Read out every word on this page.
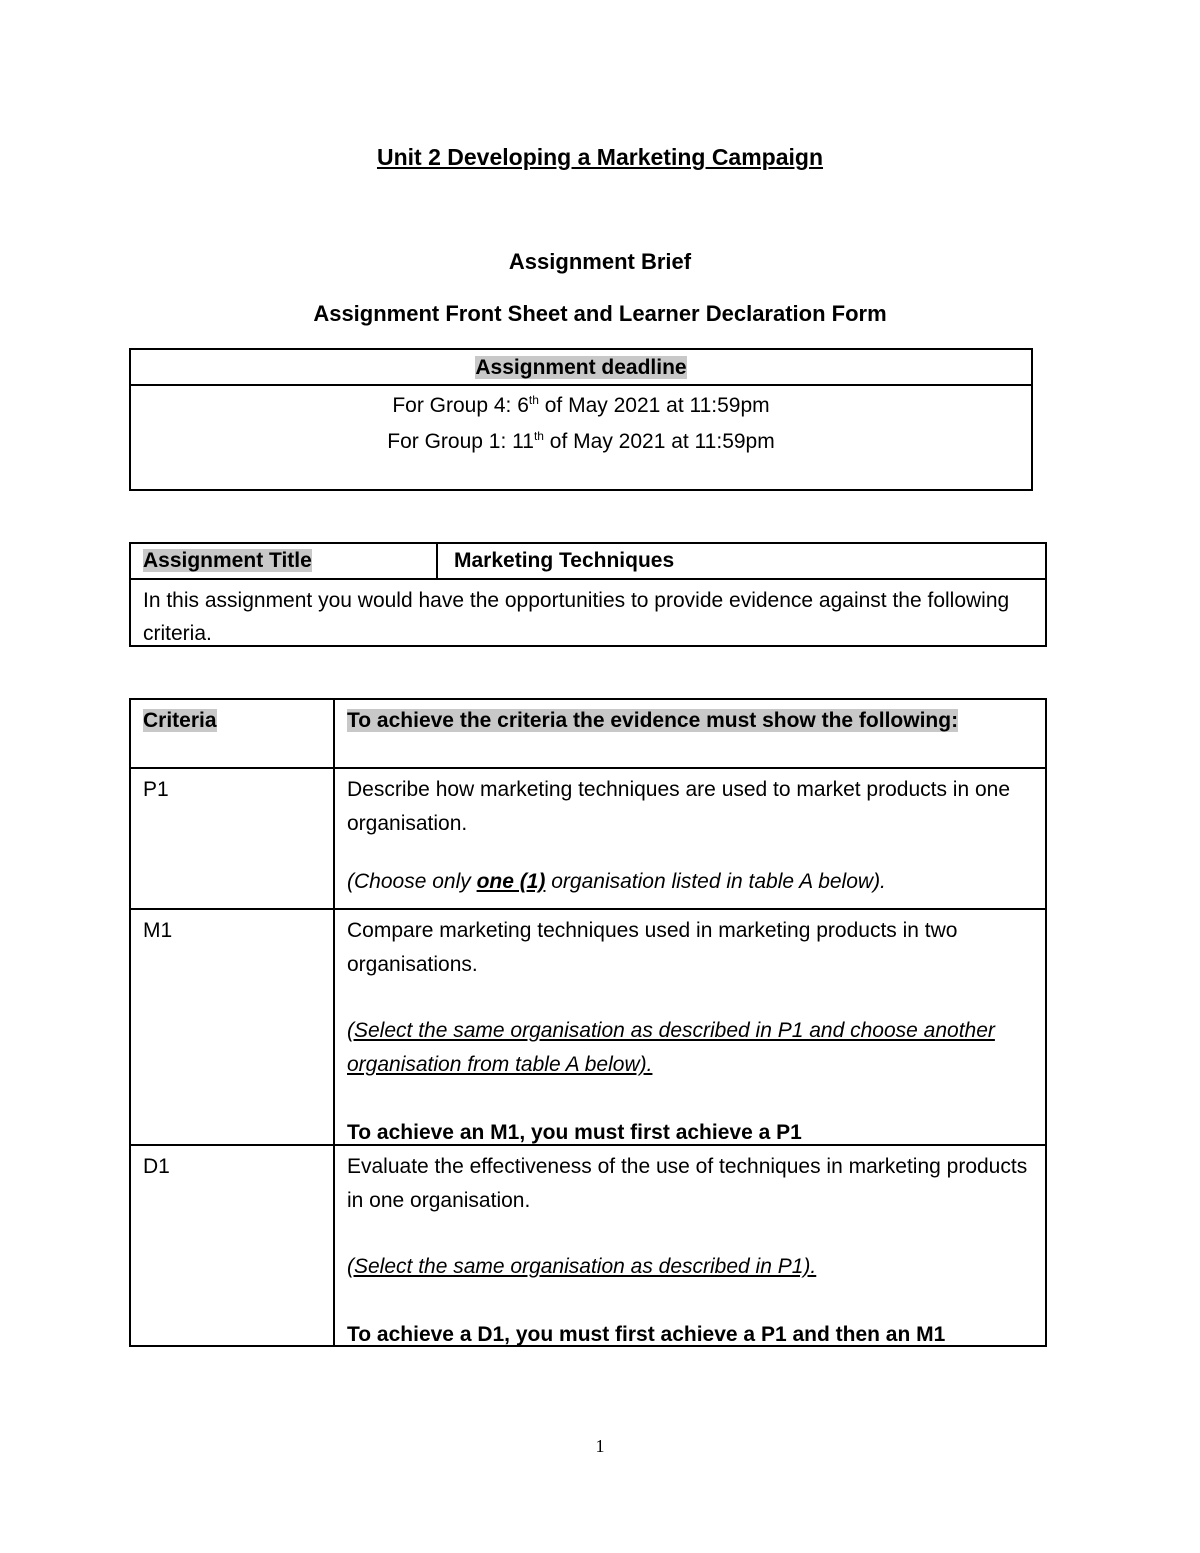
Unit 2 Developing a Marketing Campaign
Assignment Brief
Assignment Front Sheet and Learner Declaration Form
Assignment deadline
For Group 4: 6th of May 2021 at 11:59pm
For Group 1: 11th of May 2021 at 11:59pm
Assignment Title	Marketing Techniques
In this assignment you would have the opportunities to provide evidence against the following criteria.
Criteria	To achieve the criteria the evidence must show the following:
P1	Describe how marketing techniques are used to market products in one organisation.
(Choose only one (1) organisation listed in table A below).
M1	Compare marketing techniques used in marketing products in two organisations.
(Select the same organisation as described in P1 and choose another organisation from table A below).
To achieve an M1, you must first achieve a P1
D1	Evaluate the effectiveness of the use of techniques in marketing products in one organisation.
(Select the same organisation as described in P1).
To achieve a D1, you must first achieve a P1 and then an M1
1
